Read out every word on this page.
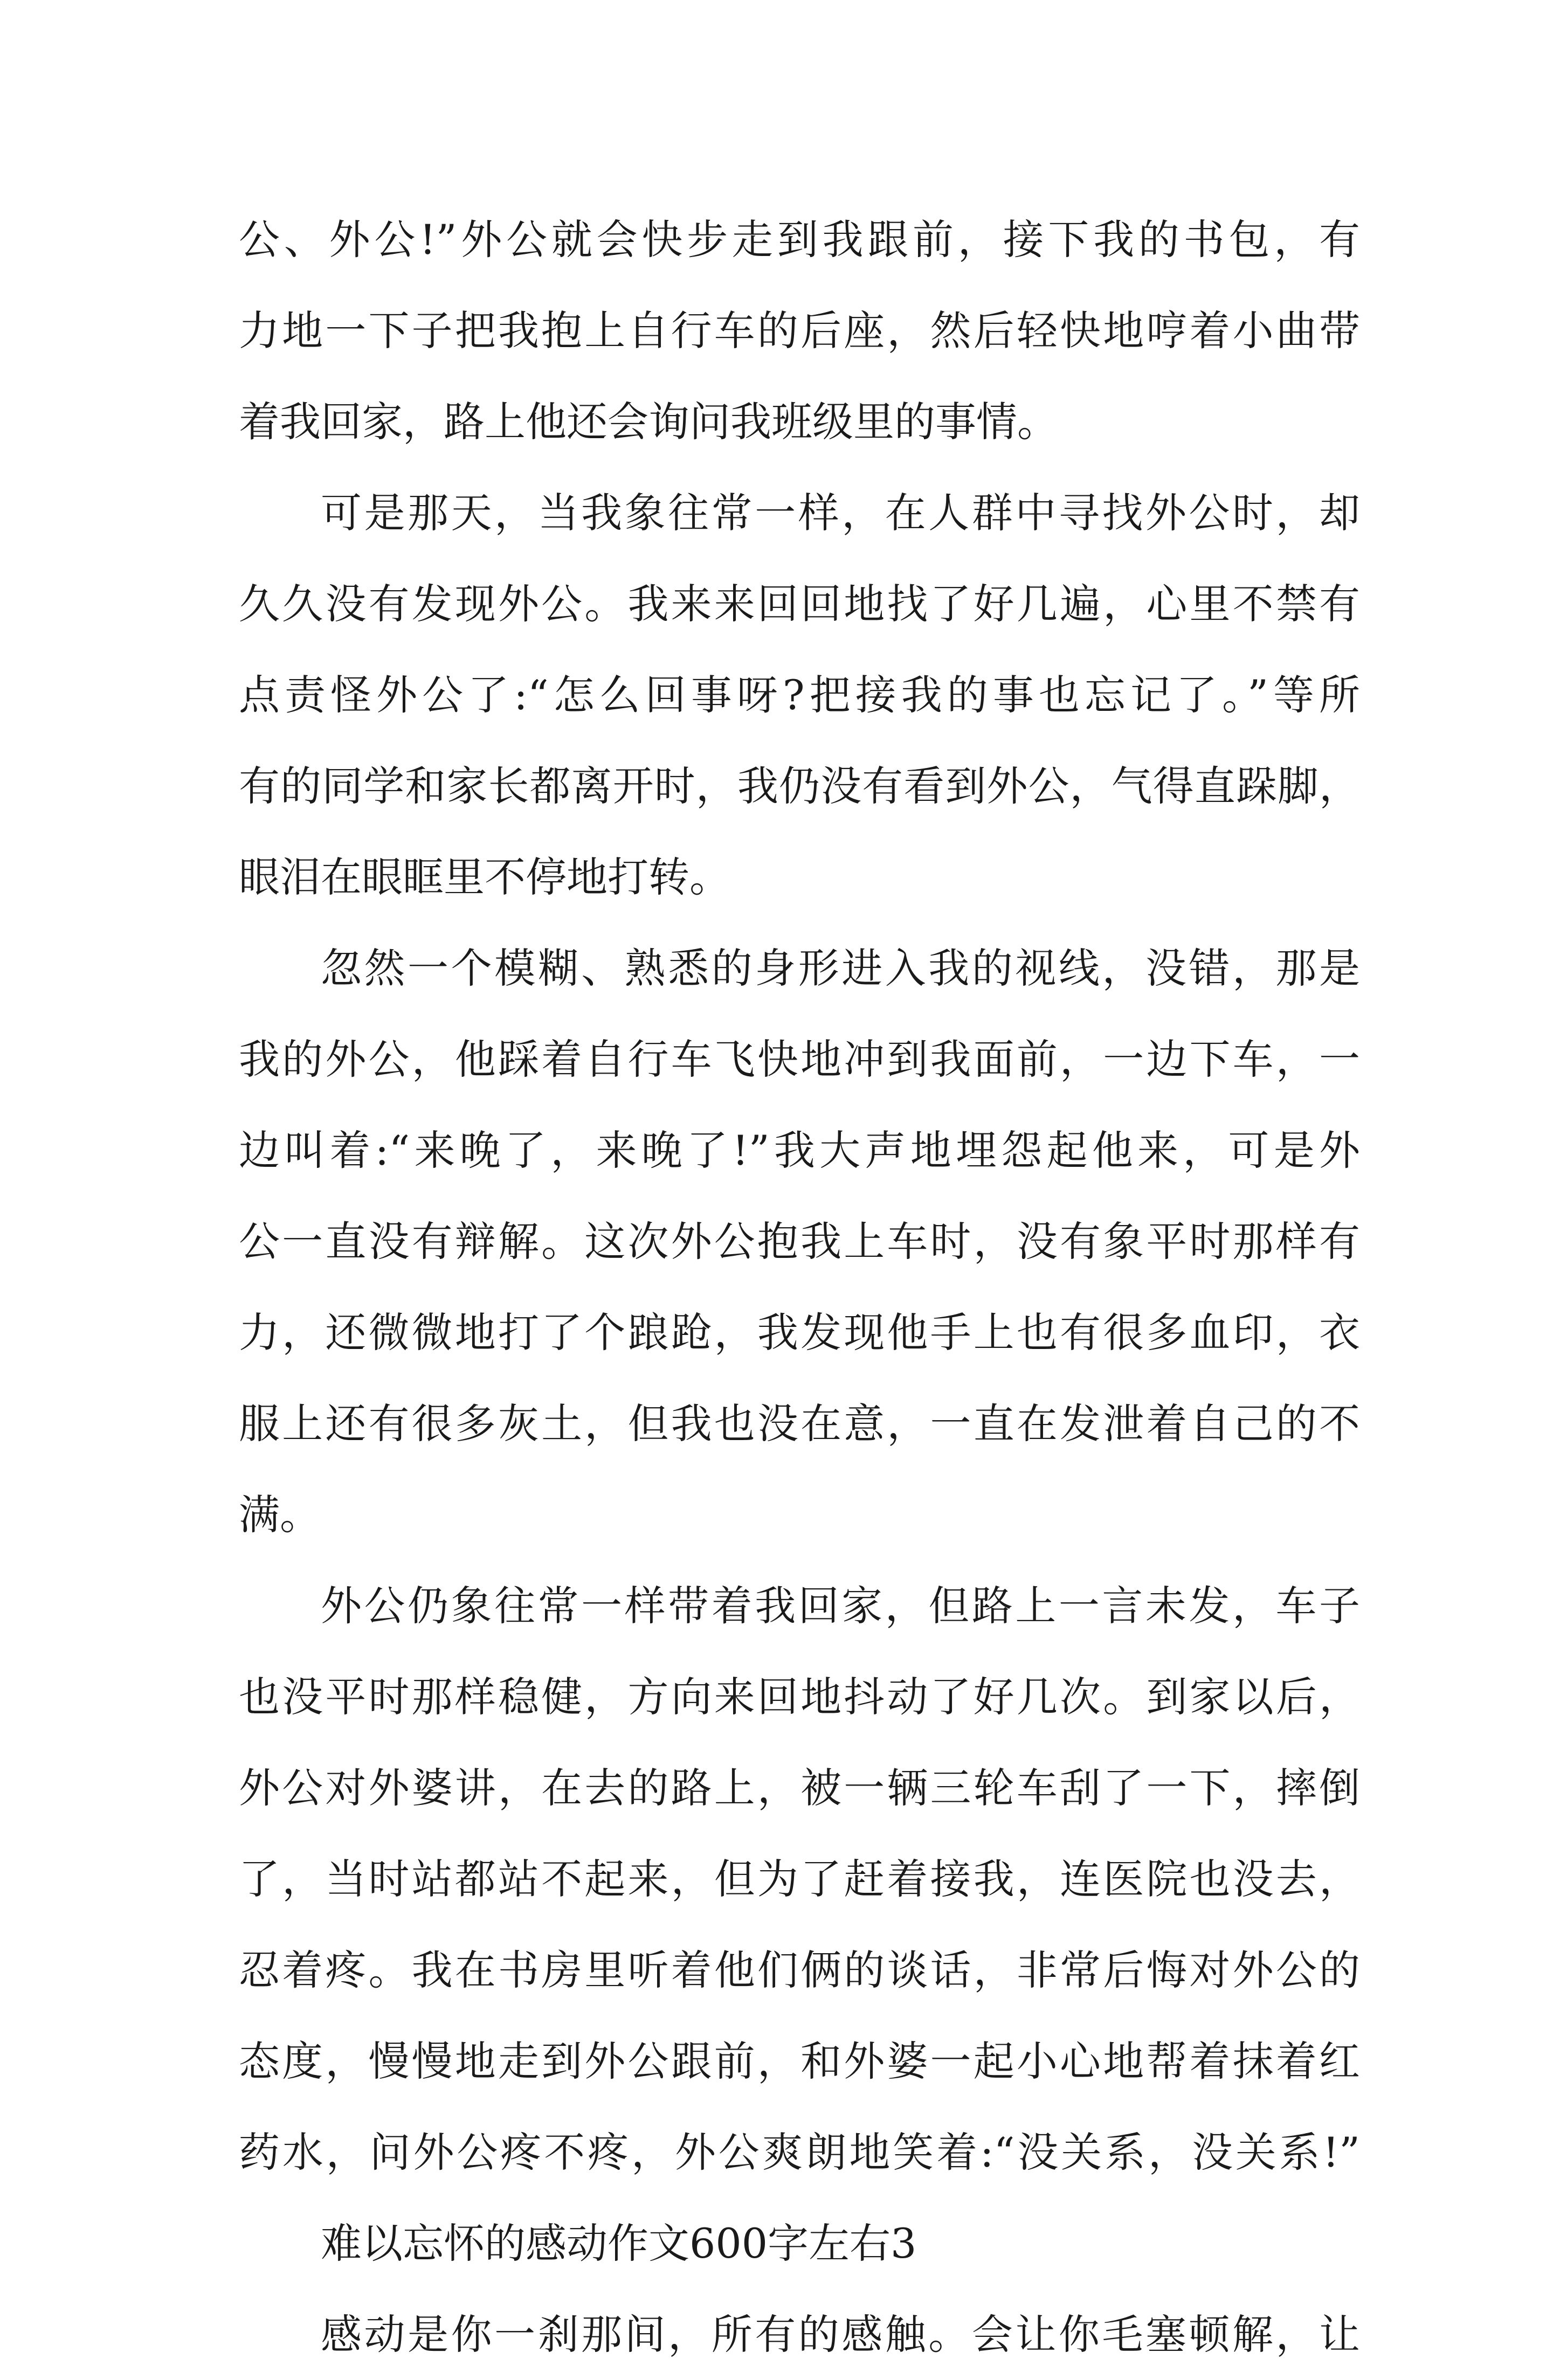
公、外公!”外公就会快步走到我跟前，接下我的书包，有
力地一下子把我抱上自行车的后座，然后轻快地哼着小曲带
着我回家，路上他还会询问我班级里的事情。
可是那天，当我象往常一样，在人群中寻找外公时，却
久久没有发现外公。我来来回回地找了好几遍，心里不禁有
点责怪外公了:“怎么回事呀?把接我的事也忘记了。”等所
有的同学和家长都离开时，我仍没有看到外公，气得直跺脚，
眼泪在眼眶里不停地打转。
忽然一个模糊、熟悉的身形进入我的视线，没错，那是
我的外公，他踩着自行车飞快地冲到我面前，一边下车，一
边叫着:“来晚了，来晚了!”我大声地埋怨起他来，可是外
公一直没有辩解。这次外公抱我上车时，没有象平时那样有
力，还微微地打了个踉跄，我发现他手上也有很多血印，衣
服上还有很多灰土，但我也没在意，一直在发泄着自己的不
满。
外公仍象往常一样带着我回家，但路上一言未发，车子
也没平时那样稳健，方向来回地抖动了好几次。到家以后，
外公对外婆讲，在去的路上，被一辆三轮车刮了一下，摔倒
了，当时站都站不起来，但为了赶着接我，连医院也没去，
忍着疼。我在书房里听着他们俩的谈话，非常后悔对外公的
态度，慢慢地走到外公跟前，和外婆一起小心地帮着抹着红
药水，问外公疼不疼，外公爽朗地笑着:“没关系，没关系!”
难以忘怀的感动作文600字左右3
感动是你一刹那间，所有的感触。会让你毛塞顿解，让
